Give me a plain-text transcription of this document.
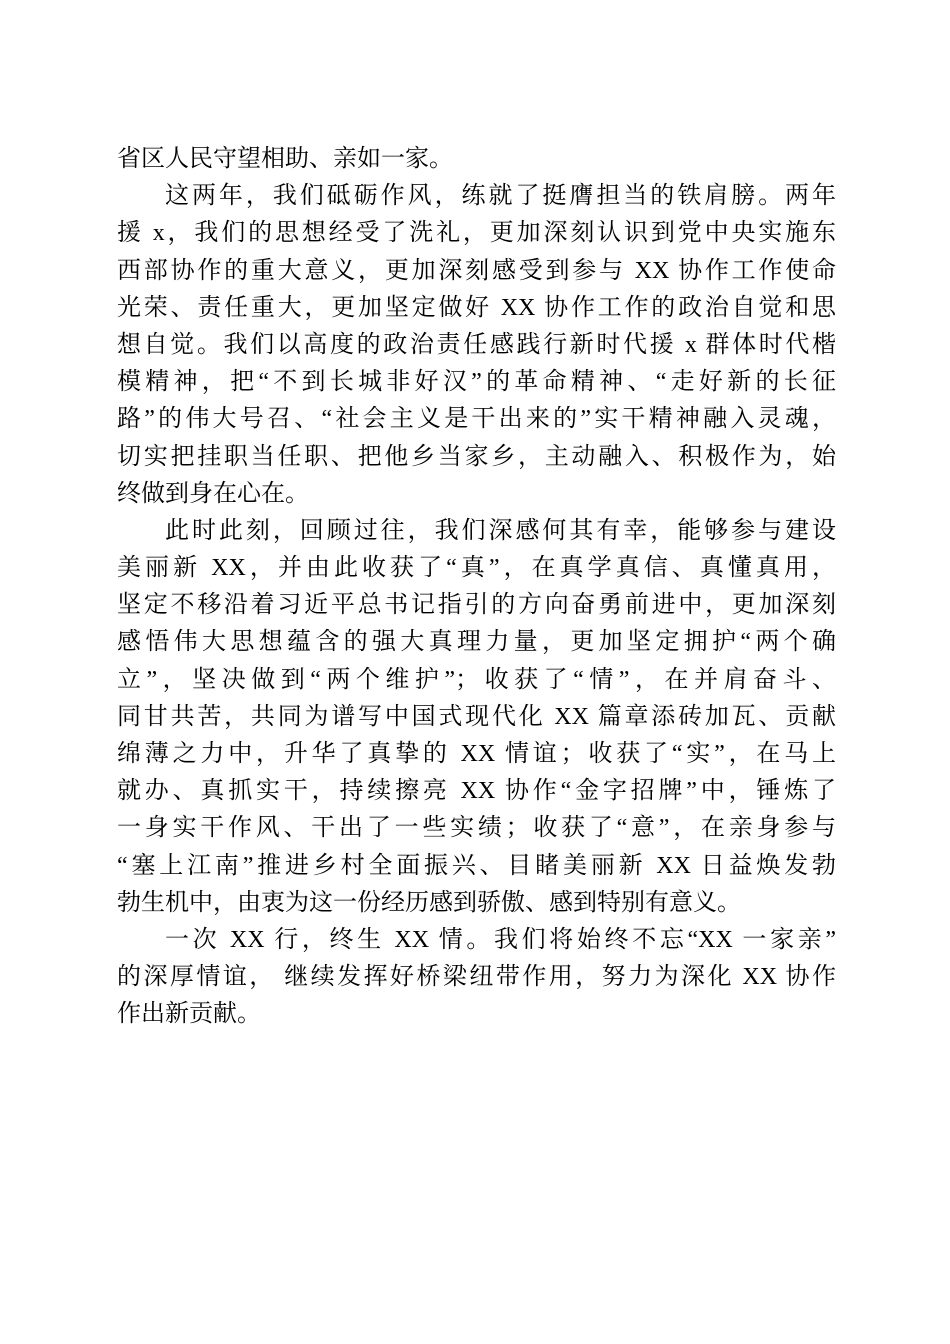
省区人民守望相助、亲如一家。
这两年，我们砥砺作风，练就了挺膺担当的铁肩膀。两年
援 x，我们的思想经受了洗礼，更加深刻认识到党中央实施东
西部协作的重大意义，更加深刻感受到参与 XX 协作工作使命
光荣、责任重大，更加坚定做好 XX 协作工作的政治自觉和思
想自觉。我们以高度的政治责任感践行新时代援 x 群体时代楷
模精神，把“不到长城非好汉”的革命精神、“走好新的长征
路”的伟大号召、“社会主义是干出来的”实干精神融入灵魂，
切实把挂职当任职、把他乡当家乡，主动融入、积极作为，始
终做到身在心在。
此时此刻，回顾过往，我们深感何其有幸，能够参与建设
美丽新 XX，并由此收获了“真”，在真学真信、真懂真用，
坚定不移沿着习近平总书记指引的方向奋勇前进中，更加深刻
感悟伟大思想蕴含的强大真理力量，更加坚定拥护“两个确
立”，坚决做到“两个维护”；收获了“情”，在并肩奋斗、
同甘共苦，共同为谱写中国式现代化 XX 篇章添砖加瓦、贡献
绵薄之力中，升华了真挚的 XX 情谊；收获了“实”，在马上
就办、真抓实干，持续擦亮 XX 协作“金字招牌”中，锤炼了
一身实干作风、干出了一些实绩；收获了“意”，在亲身参与
“塞上江南”推进乡村全面振兴、目睹美丽新 XX 日益焕发勃
勃生机中，由衷为这一份经历感到骄傲、感到特别有意义。
一次 XX 行，终生 XX 情。我们将始终不忘“XX 一家亲”
的深厚情谊， 继续发挥好桥梁纽带作用，努力为深化 XX 协作
作出新贡献。
